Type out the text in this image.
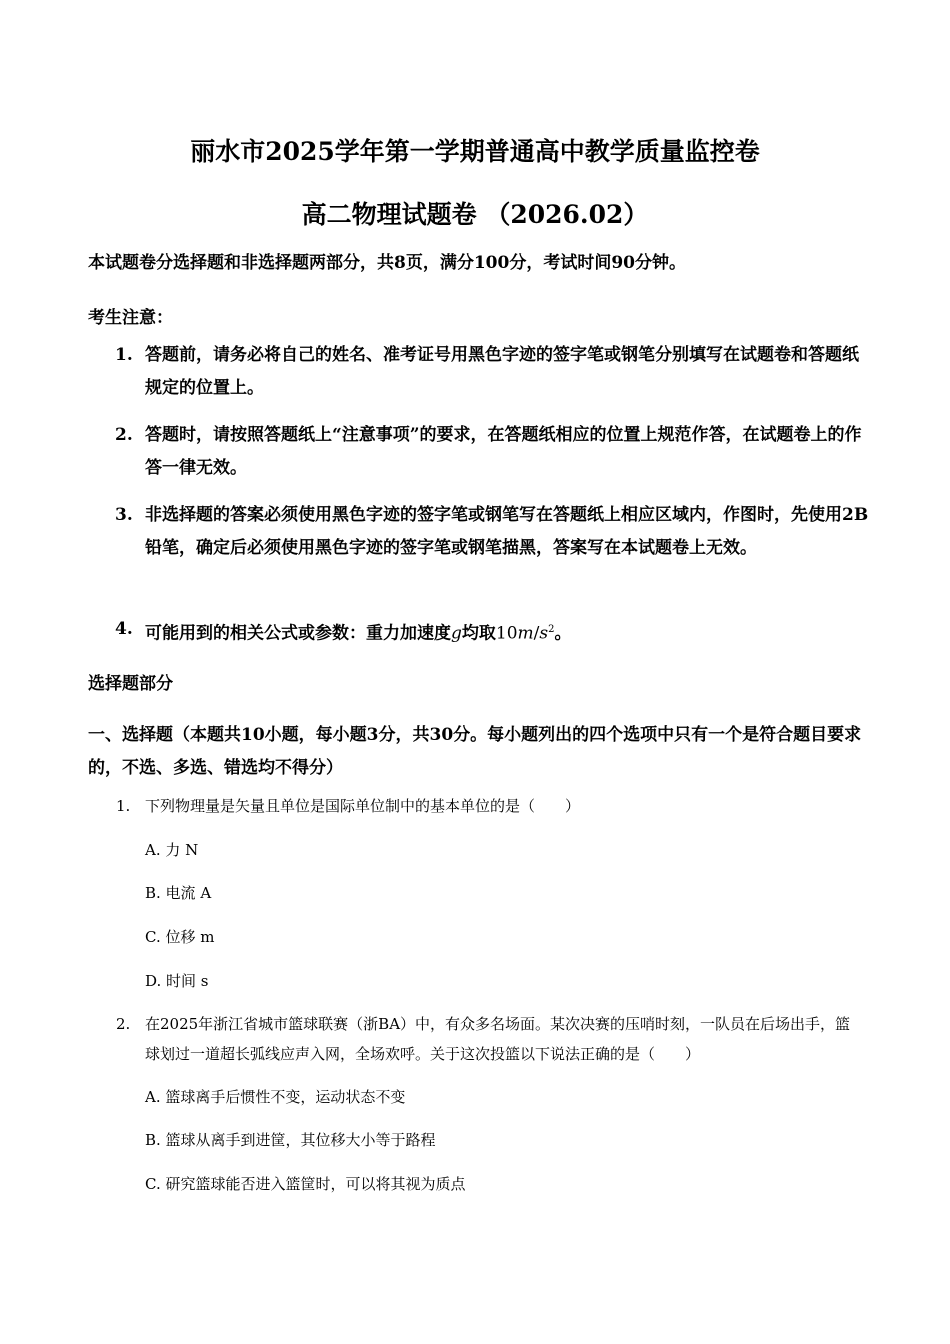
丽水市2025学年第一学期普通高中教学质量监控卷
高二物理试题卷 （2026.02）
本试题卷分选择题和非选择题两部分，共8页，满分100分，考试时间90分钟。
考生注意：
1. 答题前，请务必将自己的姓名、准考证号用黑色字迹的签字笔或钢笔分别填写在试题卷和答题纸规定的位置上。
2. 答题时，请按照答题纸上“注意事项”的要求，在答题纸相应的位置上规范作答，在试题卷上的作答一律无效。
3. 非选择题的答案必须使用黑色字迹的签字笔或钢笔写在答题纸上相应区域内，作图时，先使用2B铅笔，确定后必须使用黑色字迹的签字笔或钢笔描黑，答案写在本试题卷上无效。
4. 可能用到的相关公式或参数：重力加速度g均取$10m/s^2$。
选择题部分
一、选择题（本题共10小题，每小题3分，共30分。每小题列出的四个选项中只有一个是符合题目要求的，不选、多选、错选均不得分）
1. 下列物理量是矢量且单位是国际单位制中的基本单位的是（　　）
A. 力 N
B. 电流 A
C. 位移 m
D. 时间 s
2. 在2025年浙江省城市篮球联赛（浙BA）中，有众多名场面。某次决赛的压哨时刻，一队员在后场出手，篮球划过一道超长弧线应声入网，全场欢呼。关于这次投篮以下说法正确的是（　　）
A. 篮球离手后惯性不变，运动状态不变
B. 篮球从离手到进筐，其位移大小等于路程
C. 研究篮球能否进入篮筐时，可以将其视为质点
